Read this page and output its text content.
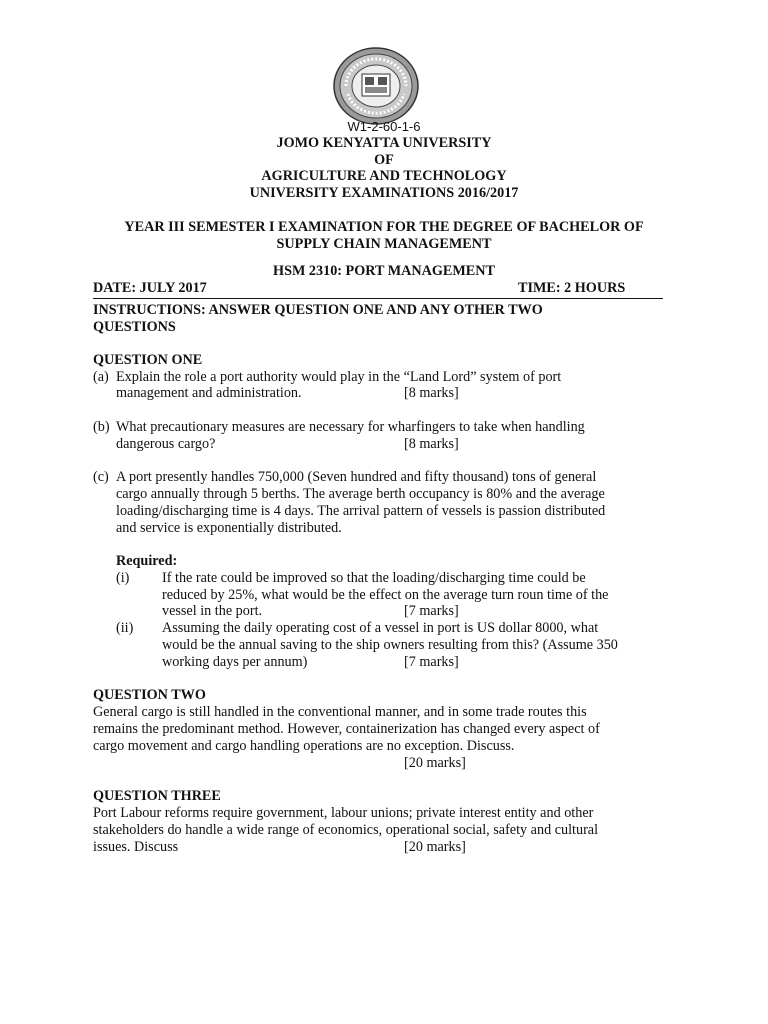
W1-2-60-1-6
JOMO KENYATTA UNIVERSITY
OF
AGRICULTURE AND TECHNOLOGY
UNIVERSITY EXAMINATIONS 2016/2017
YEAR III SEMESTER I EXAMINATION FOR THE DEGREE OF BACHELOR OF
SUPPLY CHAIN MANAGEMENT
HSM 2310: PORT MANAGEMENT
DATE: JULY 2017	TIME: 2 HOURS
INSTRUCTIONS: ANSWER QUESTION ONE AND ANY OTHER TWO
QUESTIONS
QUESTION ONE
(a) Explain the role a port authority would play in the “Land Lord” system of port
management and administration.	[8 marks]
(b) What precautionary measures are necessary for wharfingers to take when handling
dangerous cargo?	[8 marks]
(c) A port presently handles 750,000 (Seven hundred and fifty thousand) tons of general
cargo annually through 5 berths. The average berth occupancy is 80% and the average
loading/discharging time is 4 days. The arrival pattern of vessels is passion distributed
and service is exponentially distributed.
Required:
(i) If the rate could be improved so that the loading/discharging time could be
reduced by 25%, what would be the effect on the average turn roun time of the
vessel in the port.	[7 marks]
(ii) Assuming the daily operating cost of a vessel in port is US dollar 8000, what
would be the annual saving to the ship owners resulting from this? (Assume 350
working days per annum)	[7 marks]
QUESTION TWO
General cargo is still handled in the conventional manner, and in some trade routes this
remains the predominant method. However, containerization has changed every aspect of
cargo movement and cargo handling operations are no exception. Discuss.
[20 marks]
QUESTION THREE
Port Labour reforms require government, labour unions; private interest entity and other
stakeholders do handle a wide range of economics, operational social, safety and cultural
issues. Discuss	[20 marks]
